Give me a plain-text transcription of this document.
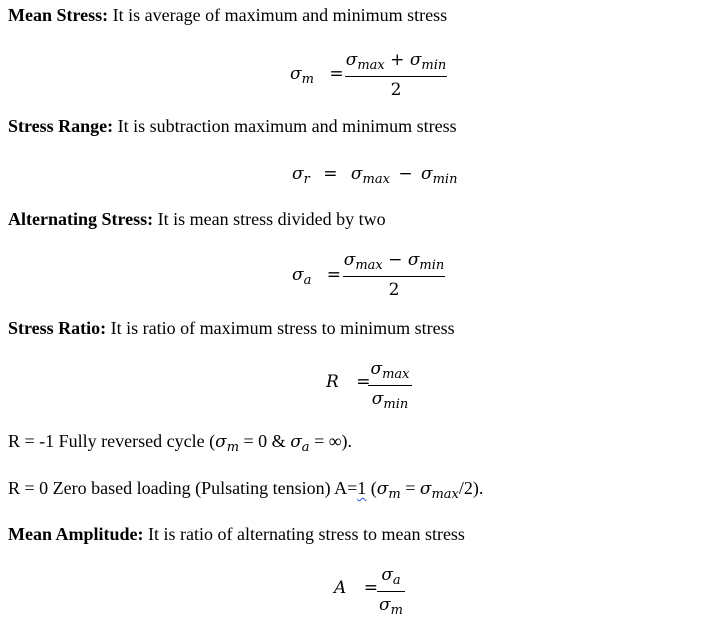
Mean Stress: It is average of maximum and minimum stress
$\sigma_m$ =
$\sigma_{max} + \sigma_{min}$
2
Stress Range: It is subtraction maximum and minimum stress
$\sigma_r = \sigma_{max} - \sigma_{min}$
Alternating Stress: It is mean stress divided by two
$\sigma_a$ =
$\sigma_{max} - \sigma_{min}$
2
Stress Ratio: It is ratio of maximum stress to minimum stress
R =
$\sigma_{max}$
$\sigma_{min}$
R = -1 Fully reversed cycle ($\sigma_m = 0$ & $\sigma_a$ = ∞).
R = 0 Zero based loading (Pulsating tension) A=1 $(\sigma_m = \sigma_{max}/2)$.
Mean Amplitude: It is ratio of alternating stress to mean stress
A =
$\sigma_a$
$\sigma_m$
